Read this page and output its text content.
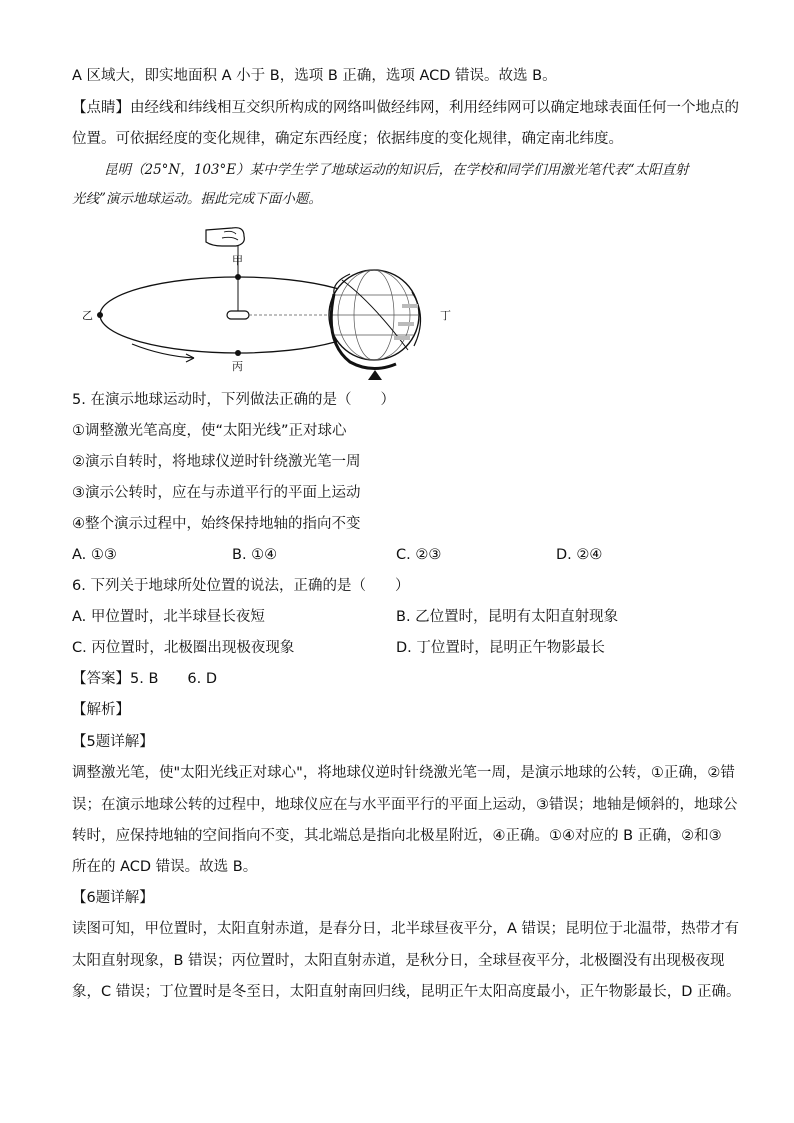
A 区域大，即实地面积 A 小于 B，选项 B 正确，选项 ACD 错误。故选 B。
【点睛】由经线和纬线相互交织所构成的网络叫做经纬网，利用经纬网可以确定地球表面任何一个地点的
位置。可依据经度的变化规律，确定东西经度；依据纬度的变化规律，确定南北纬度。
昆明（25°N，103°E）某中学生学了地球运动的知识后，在学校和同学们用激光笔代表“太阳直射
光线”演示地球运动。据此完成下面小题。
甲
乙
丙
丁
5. 在演示地球运动时，下列做法正确的是（　　）
①调整激光笔高度，使“太阳光线”正对球心
②演示自转时，将地球仪逆时针绕激光笔一周
③演示公转时，应在与赤道平行的平面上运动
④整个演示过程中，始终保持地轴的指向不变
A. ①③	B. ①④	C. ②③	D. ②④
6. 下列关于地球所处位置的说法，正确的是（　　）
A. 甲位置时，北半球昼长夜短	B. 乙位置时，昆明有太阳直射现象
C. 丙位置时，北极圈出现极夜现象	D. 丁位置时，昆明正午物影最长
【答案】5. B　　6. D
【解析】
【5题详解】
调整激光笔，使"太阳光线正对球心"，将地球仪逆时针绕激光笔一周，是演示地球的公转，①正确，②错
误；在演示地球公转的过程中，地球仪应在与水平面平行的平面上运动，③错误；地轴是倾斜的，地球公
转时，应保持地轴的空间指向不变，其北端总是指向北极星附近，④正确。①④对应的 B 正确，②和③
所在的 ACD 错误。故选 B。
【6题详解】
读图可知，甲位置时，太阳直射赤道，是春分日，北半球昼夜平分，A 错误；昆明位于北温带，热带才有
太阳直射现象，B 错误；丙位置时，太阳直射赤道，是秋分日，全球昼夜平分，北极圈没有出现极夜现
象，C 错误；丁位置时是冬至日，太阳直射南回归线，昆明正午太阳高度最小，正午物影最长，D 正确。
